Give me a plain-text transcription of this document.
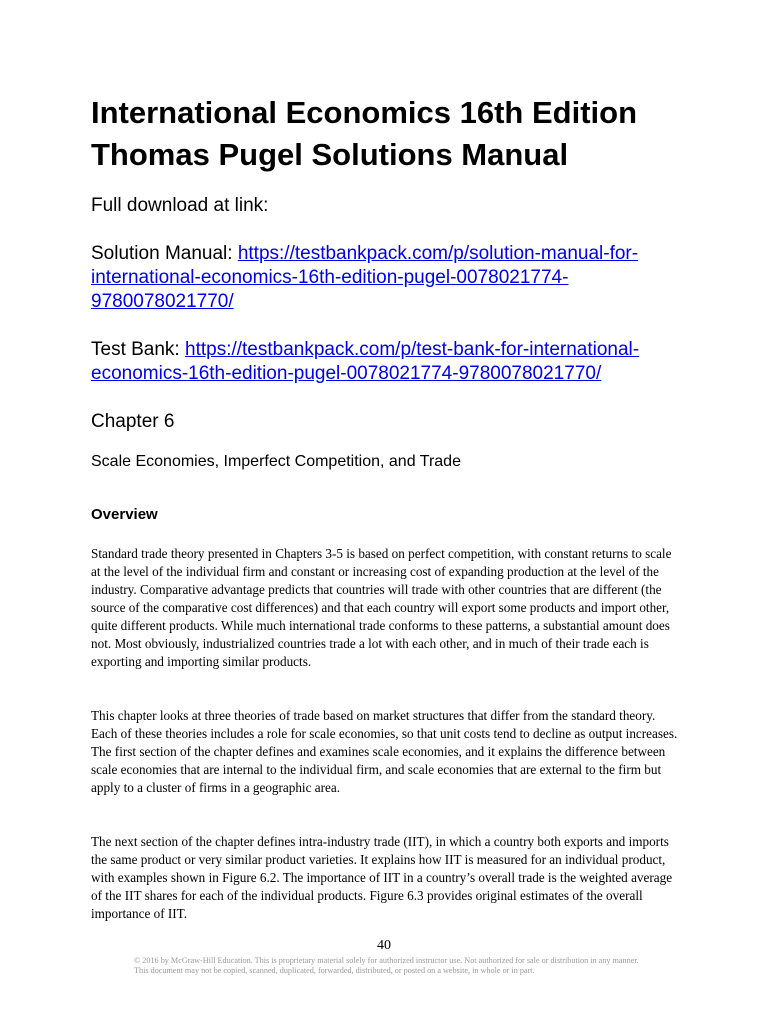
International Economics 16th Edition
Thomas Pugel Solutions Manual

Full download at link:

Solution Manual: https://testbankpack.com/p/solution-manual-for-international-economics-16th-edition-pugel-0078021774-9780078021770/

Test Bank: https://testbankpack.com/p/test-bank-for-international-economics-16th-edition-pugel-0078021774-9780078021770/

Chapter 6

Scale Economies, Imperfect Competition, and Trade

Overview

Standard trade theory presented in Chapters 3-5 is based on perfect competition, with constant returns to scale at the level of the individual firm and constant or increasing cost of expanding production at the level of the industry. Comparative advantage predicts that countries will trade with other countries that are different (the source of the comparative cost differences) and that each country will export some products and import other, quite different products. While much international trade conforms to these patterns, a substantial amount does not. Most obviously, industrialized countries trade a lot with each other, and in much of their trade each is exporting and importing similar products.

This chapter looks at three theories of trade based on market structures that differ from the standard theory. Each of these theories includes a role for scale economies, so that unit costs tend to decline as output increases. The first section of the chapter defines and examines scale economies, and it explains the difference between scale economies that are internal to the individual firm, and scale economies that are external to the firm but apply to a cluster of firms in a geographic area.

The next section of the chapter defines intra-industry trade (IIT), in which a country both exports and imports the same product or very similar product varieties. It explains how IIT is measured for an individual product, with examples shown in Figure 6.2. The importance of IIT in a country’s overall trade is the weighted average of the IIT shares for each of the individual products. Figure 6.3 provides original estimates of the overall importance of IIT.

40

© 2016 by McGraw-Hill Education. This is proprietary material solely for authorized instructor use. Not authorized for sale or distribution in any manner. This document may not be copied, scanned, duplicated, forwarded, distributed, or posted on a website, in whole or in part.
